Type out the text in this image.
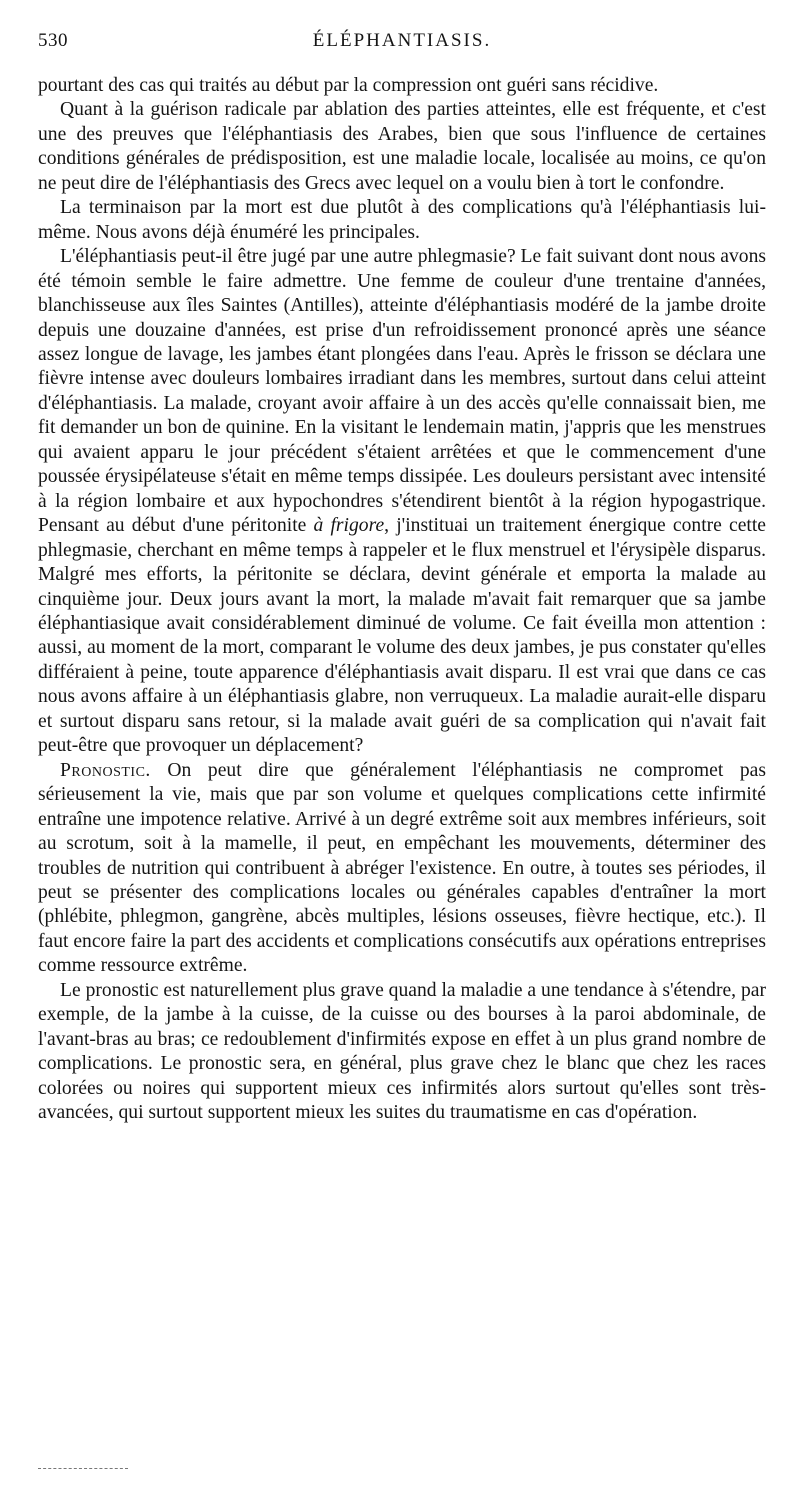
530	ÉLÉPHANTIASIS.

pourtant des cas qui traités au début par la compression ont guéri sans récidive.

Quant à la guérison radicale par ablation des parties atteintes, elle est fréquente, et c'est une des preuves que l'éléphantiasis des Arabes, bien que sous l'influence de certaines conditions générales de prédisposition, est une maladie locale, localisée au moins, ce qu'on ne peut dire de l'éléphantiasis des Grecs avec lequel on a voulu bien à tort le confondre.

La terminaison par la mort est due plutôt à des complications qu'à l'éléphantiasis lui-même. Nous avons déjà énuméré les principales.

L'éléphantiasis peut-il être jugé par une autre phlegmasie? Le fait suivant dont nous avons été témoin semble le faire admettre. Une femme de couleur d'une trentaine d'années, blanchisseuse aux îles Saintes (Antilles), atteinte d'éléphantiasis modéré de la jambe droite depuis une douzaine d'années, est prise d'un refroidissement prononcé après une séance assez longue de lavage, les jambes étant plongées dans l'eau. Après le frisson se déclara une fièvre intense avec douleurs lombaires irradiant dans les membres, surtout dans celui atteint d'éléphantiasis. La malade, croyant avoir affaire à un des accès qu'elle connaissait bien, me fit demander un bon de quinine. En la visitant le lendemain matin, j'appris que les menstrues qui avaient apparu le jour précédent s'étaient arrêtées et que le commencement d'une poussée érysipélateuse s'était en même temps dissipée. Les douleurs persistant avec intensité à la région lombaire et aux hypochondres s'étendirent bientôt à la région hypogastrique. Pensant au début d'une péritonite à frigore, j'instituai un traitement énergique contre cette phlegmasie, cherchant en même temps à rappeler et le flux menstruel et l'érysipèle disparus. Malgré mes efforts, la péritonite se déclara, devint générale et emporta la malade au cinquième jour. Deux jours avant la mort, la malade m'avait fait remarquer que sa jambe éléphantiasique avait considérablement diminué de volume. Ce fait éveilla mon attention : aussi, au moment de la mort, comparant le volume des deux jambes, je pus constater qu'elles différaient à peine, toute apparence d'éléphantiasis avait disparu. Il est vrai que dans ce cas nous avons affaire à un éléphantiasis glabre, non verruqueux. La maladie aurait-elle disparu et surtout disparu sans retour, si la malade avait guéri de sa complication qui n'avait fait peut-être que provoquer un déplacement?

Pronostic. On peut dire que généralement l'éléphantiasis ne compromet pas sérieusement la vie, mais que par son volume et quelques complications cette infirmité entraîne une impotence relative. Arrivé à un degré extrême soit aux membres inférieurs, soit au scrotum, soit à la mamelle, il peut, en empêchant les mouvements, déterminer des troubles de nutrition qui contribuent à abréger l'existence. En outre, à toutes ses périodes, il peut se présenter des complications locales ou générales capables d'entraîner la mort (phlébite, phlegmon, gangrène, abcès multiples, lésions osseuses, fièvre hectique, etc.). Il faut encore faire la part des accidents et complications consécutifs aux opérations entreprises comme ressource extrême.

Le pronostic est naturellement plus grave quand la maladie a une tendance à s'étendre, par exemple, de la jambe à la cuisse, de la cuisse ou des bourses à la paroi abdominale, de l'avant-bras au bras; ce redoublement d'infirmités expose en effet à un plus grand nombre de complications. Le pronostic sera, en général, plus grave chez le blanc que chez les races colorées ou noires qui supportent mieux ces infirmités alors surtout qu'elles sont très-avancées, qui surtout supportent mieux les suites du traumatisme en cas d'opération.
